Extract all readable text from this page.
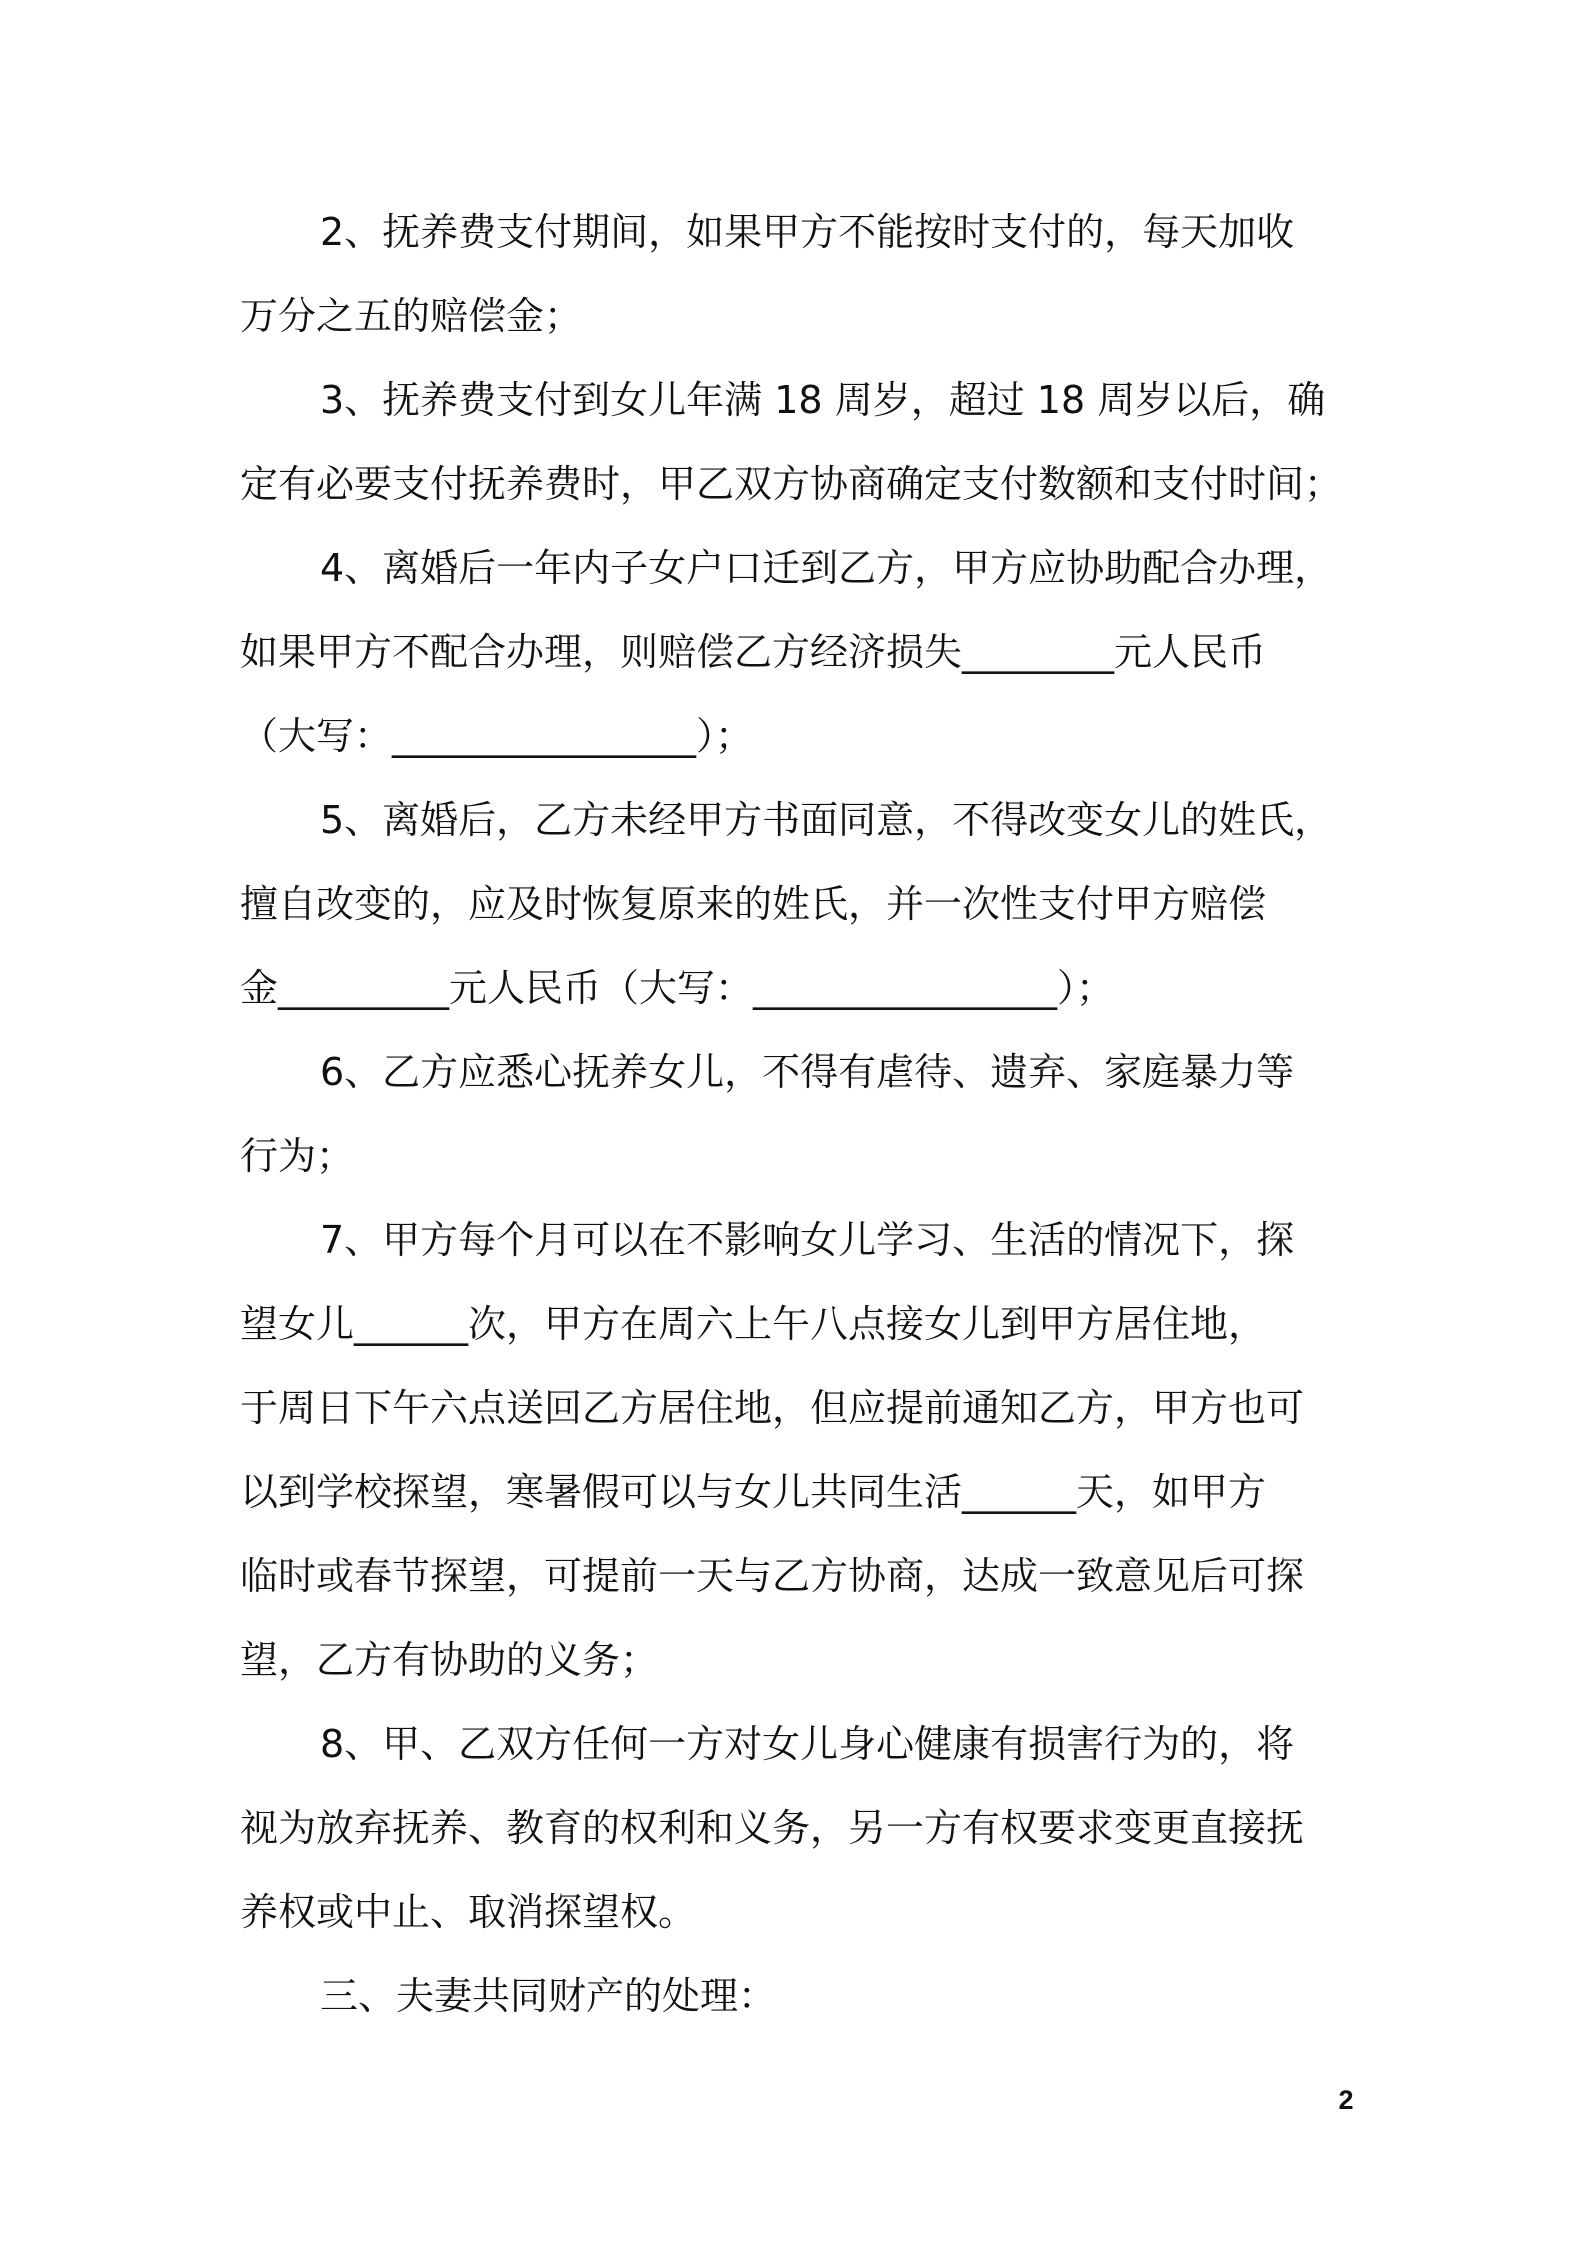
2、抚养费支付期间，如果甲方不能按时支付的，每天加收
万分之五的赔偿金；
3、抚养费支付到女儿年满 18 周岁，超过 18 周岁以后，确
定有必要支付抚养费时，甲乙双方协商确定支付数额和支付时间；
4、离婚后一年内子女户口迁到乙方，甲方应协助配合办理，
如果甲方不配合办理，则赔偿乙方经济损失________元人民币
（大写：________________）；
5、离婚后，乙方未经甲方书面同意，不得改变女儿的姓氏，
擅自改变的，应及时恢复原来的姓氏，并一次性支付甲方赔偿
金_________元人民币（大写：________________）；
6、乙方应悉心抚养女儿，不得有虐待、遗弃、家庭暴力等
行为；
7、甲方每个月可以在不影响女儿学习、生活的情况下，探
望女儿______次，甲方在周六上午八点接女儿到甲方居住地，
于周日下午六点送回乙方居住地，但应提前通知乙方，甲方也可
以到学校探望，寒暑假可以与女儿共同生活______天，如甲方
临时或春节探望，可提前一天与乙方协商，达成一致意见后可探
望，乙方有协助的义务；
8、甲、乙双方任何一方对女儿身心健康有损害行为的，将
视为放弃抚养、教育的权利和义务，另一方有权要求变更直接抚
养权或中止、取消探望权。
三、夫妻共同财产的处理：
2
